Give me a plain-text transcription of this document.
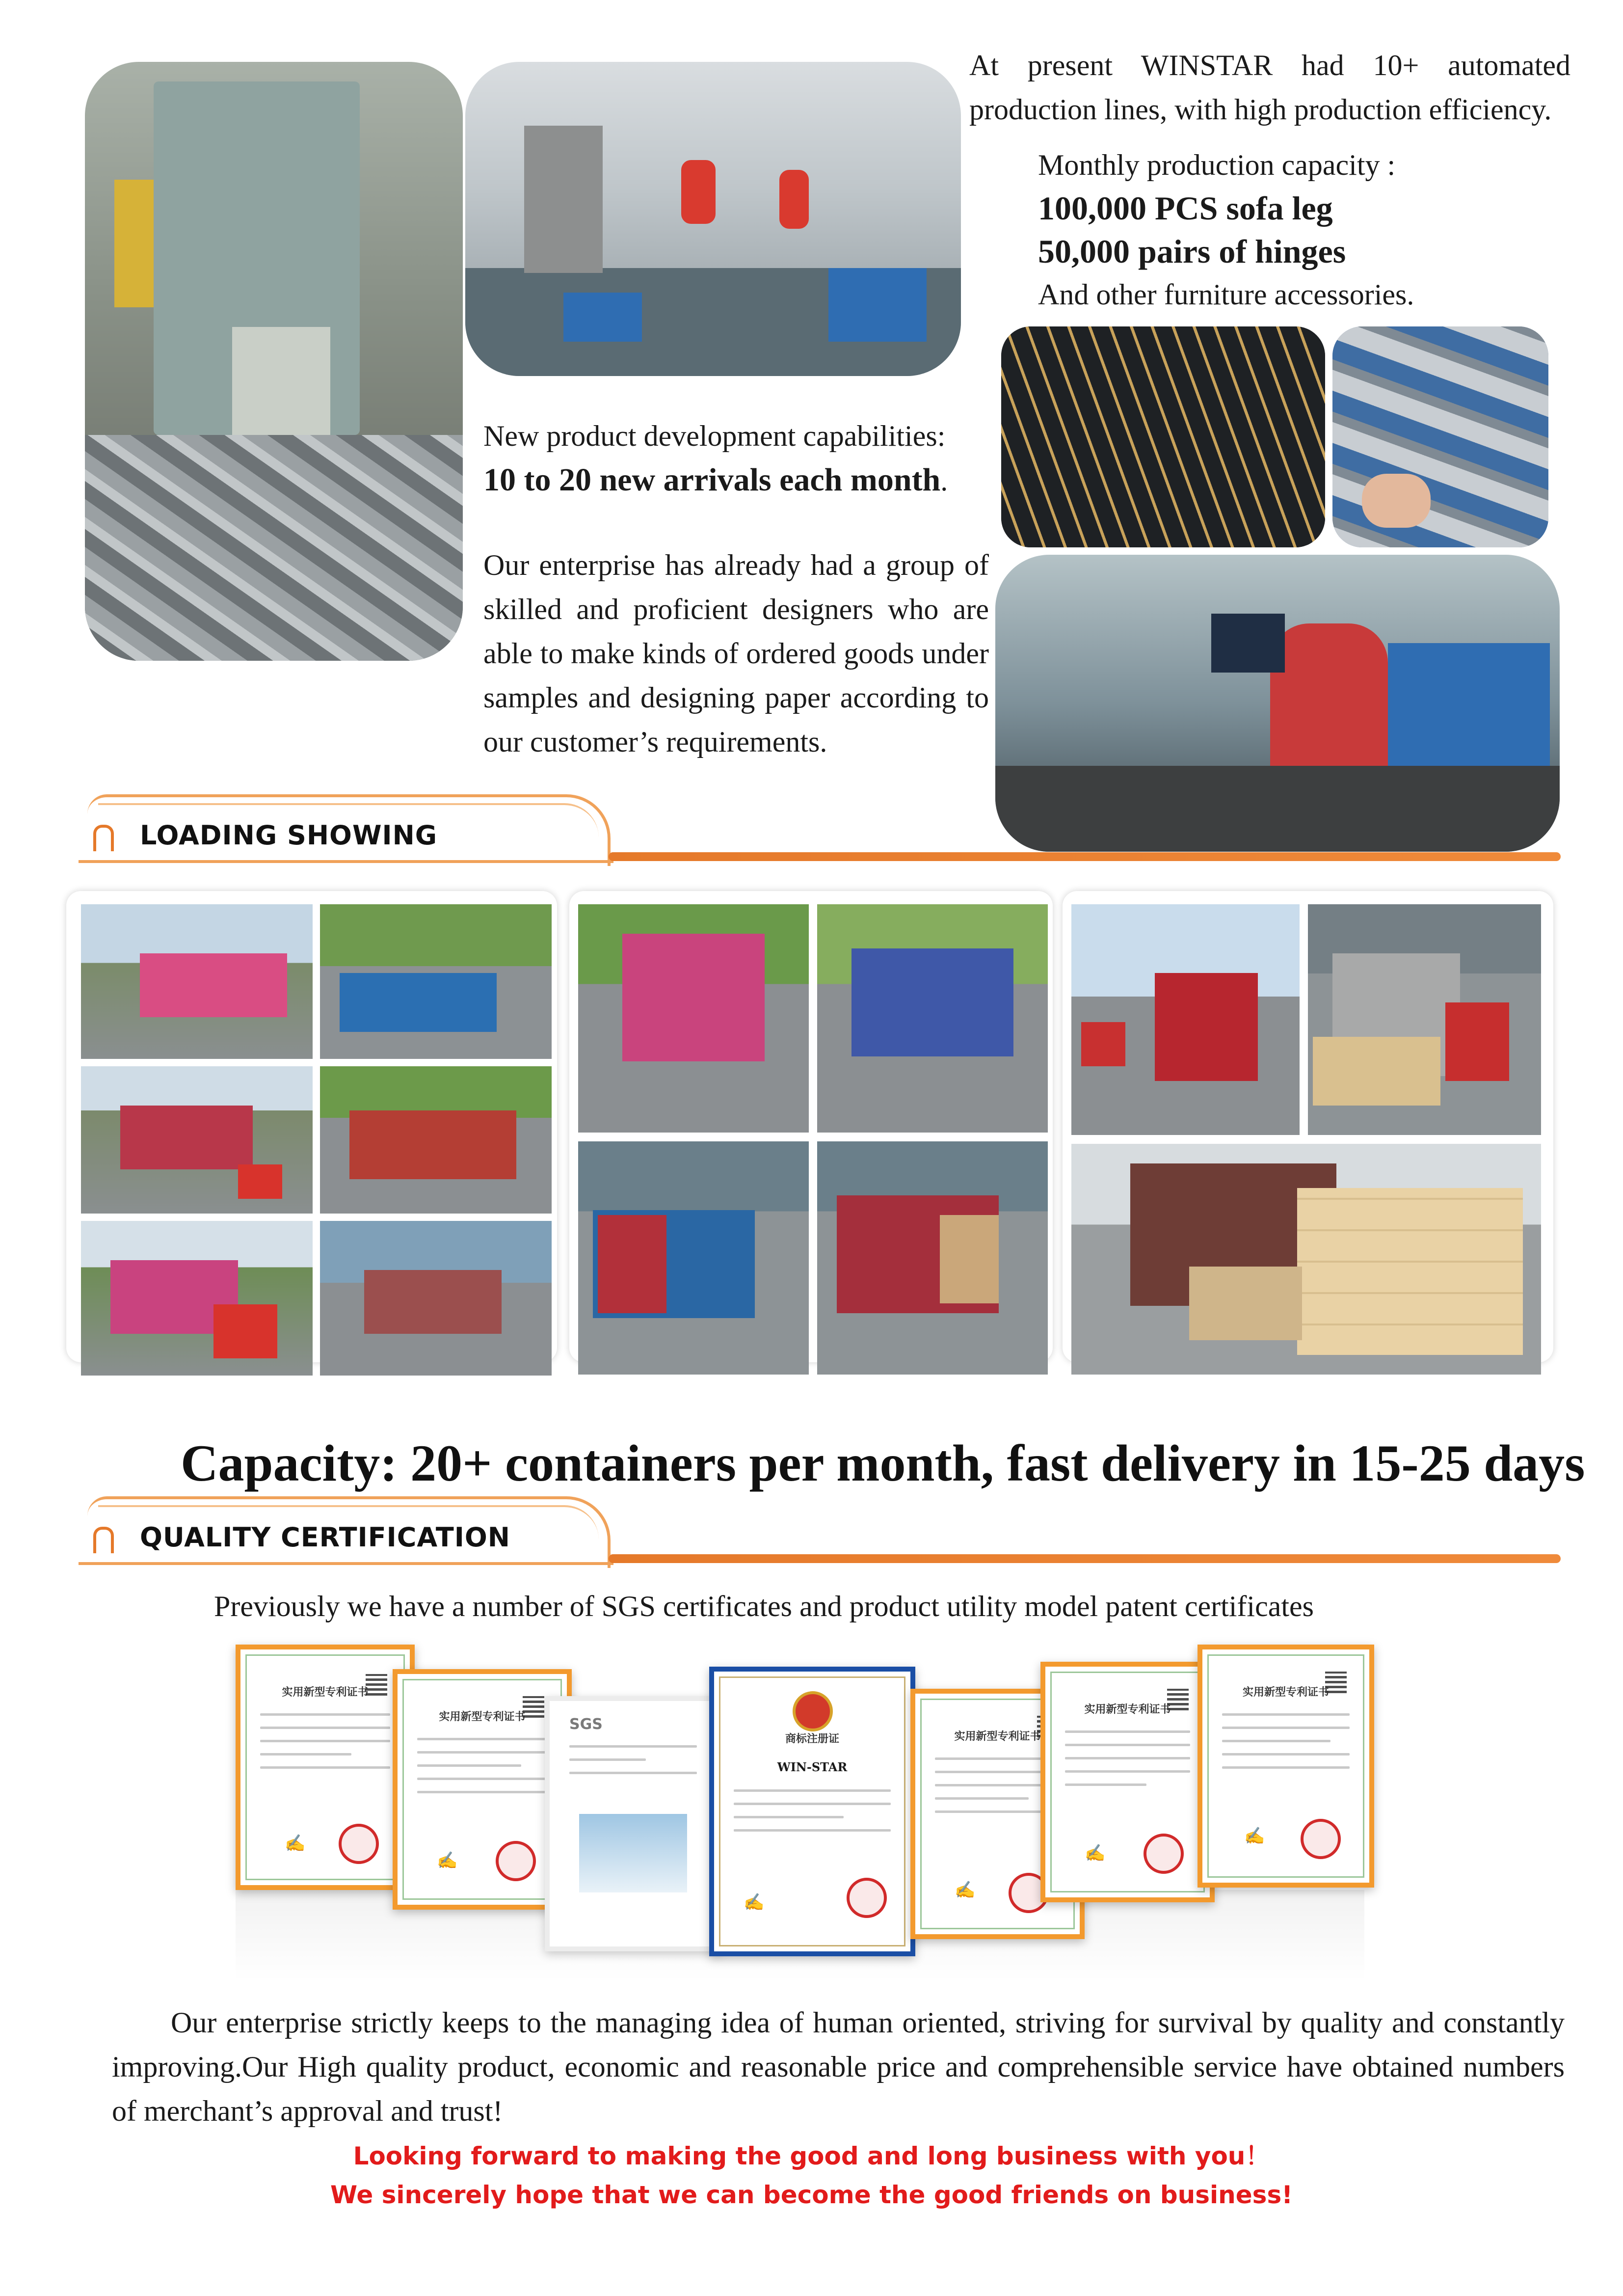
At present WINSTAR had 10+ automated
production lines, with high production efficiency.
Monthly production capacity :
100,000 PCS sofa leg
50,000 pairs of hinges
And other furniture accessories.
New product development capabilities:
10 to 20 new arrivals each month.
Our enterprise has already had a group of
skilled and proficient designers who are
able to make kinds of ordered goods under
samples and designing paper according to
our customer’s requirements.
LOADING SHOWING
Capacity: 20+ containers per month, fast delivery in 15-25 days
QUALITY CERTIFICATION
Previously we have a number of SGS certificates and product utility model patent certificates
实用新型专利证书
✍
实用新型专利证书
✍
SGS
商标注册证
WIN-STAR
✍
实用新型专利证书
✍
实用新型专利证书
✍
实用新型专利证书
✍
Our enterprise strictly keeps to the managing idea of human oriented, striving for survival by quality and constantly
improving.Our High quality product, economic and reasonable price and comprehensible service have obtained numbers
of merchant’s approval and trust!
Looking forward to making the good and long business with you！
We sincerely hope that we can become the good friends on business!
